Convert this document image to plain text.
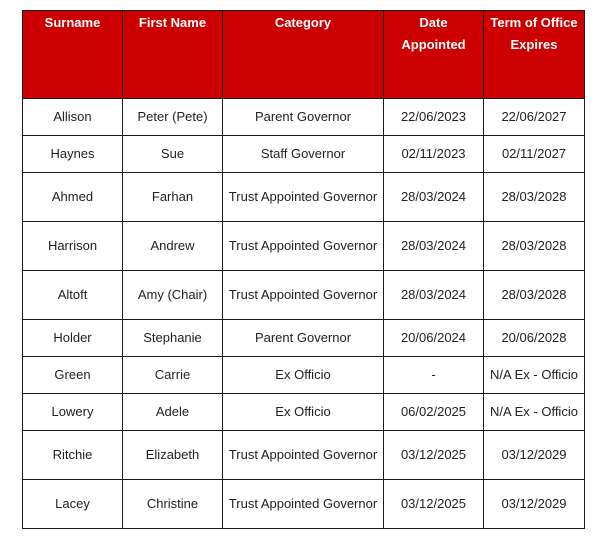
Surname	First Name	Category	Date Appointed	Term of Office Expires
Allison	Peter (Pete)	Parent Governor	22/06/2023	22/06/2027
Haynes	Sue	Staff Governor	02/11/2023	02/11/2027
Ahmed	Farhan	Trust Appointed Governor	28/03/2024	28/03/2028
Harrison	Andrew	Trust Appointed Governor	28/03/2024	28/03/2028
Altoft	Amy (Chair)	Trust Appointed Governor	28/03/2024	28/03/2028
Holder	Stephanie	Parent Governor	20/06/2024	20/06/2028
Green	Carrie	Ex Officio	-	N/A Ex - Officio
Lowery	Adele	Ex Officio	06/02/2025	N/A Ex - Officio
Ritchie	Elizabeth	Trust Appointed Governor	03/12/2025	03/12/2029
Lacey	Christine	Trust Appointed Governor	03/12/2025	03/12/2029
